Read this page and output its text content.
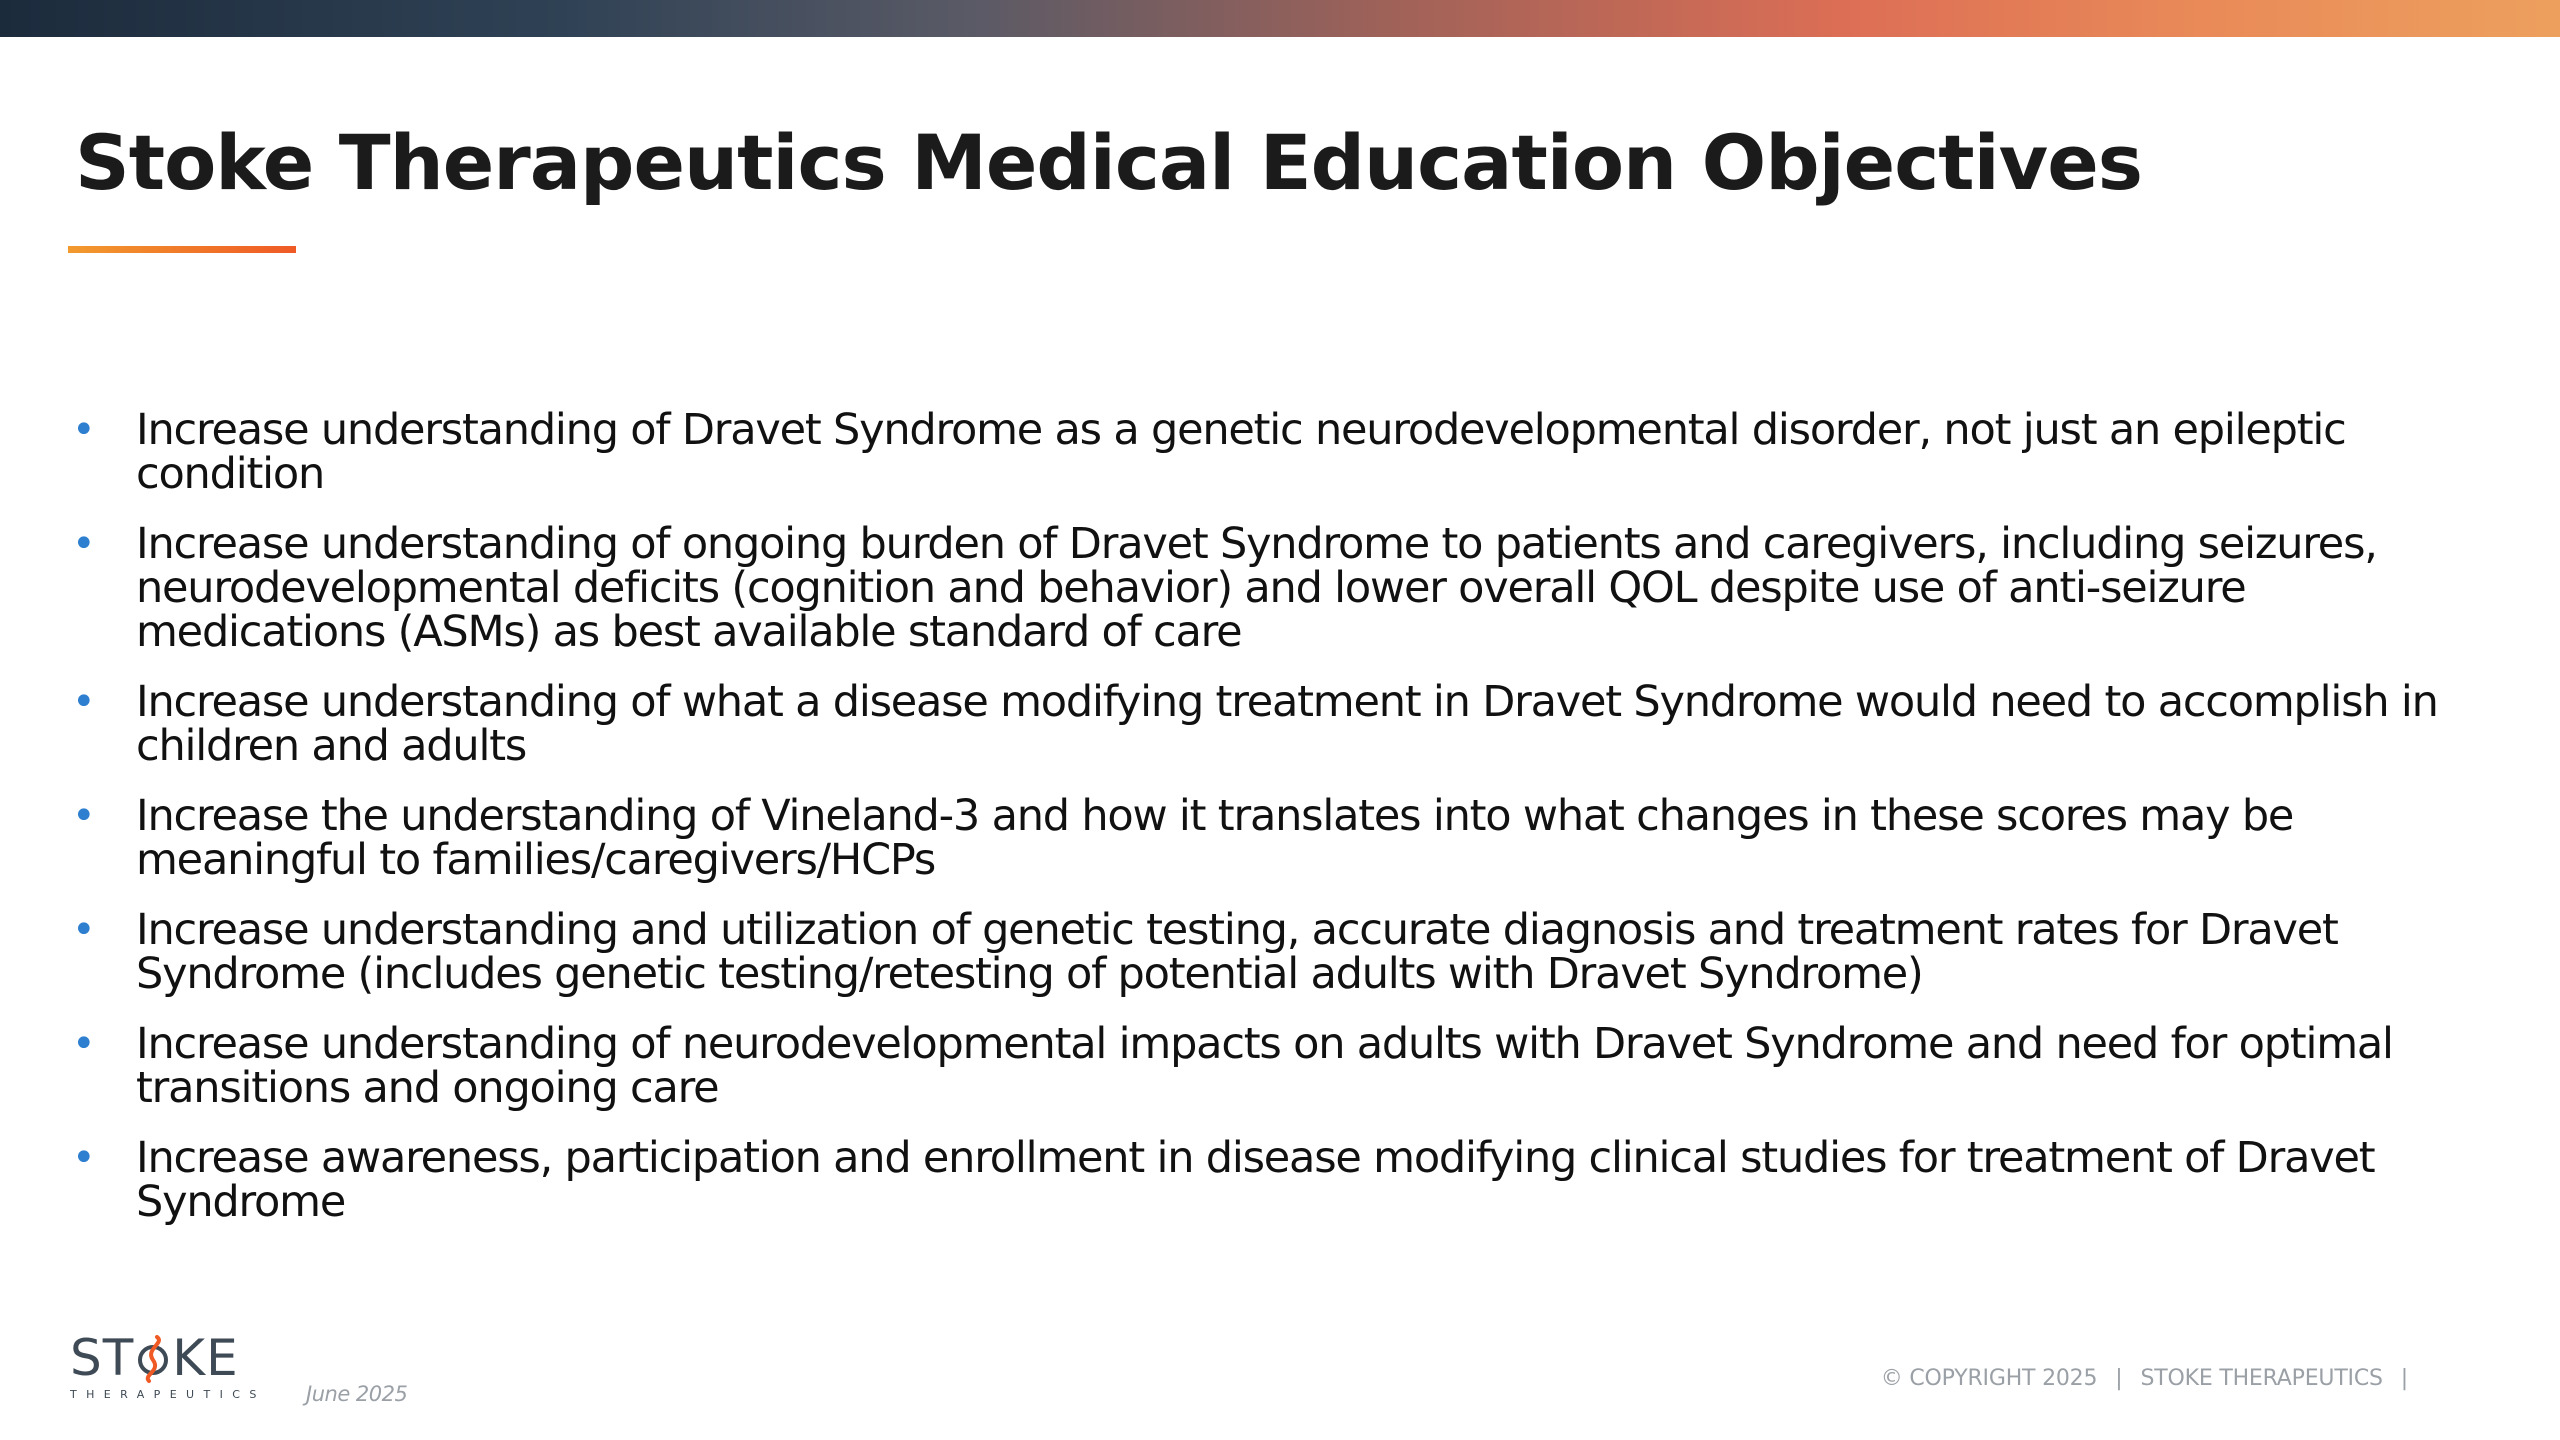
Stoke Therapeutics Medical Education Objectives
• Increase understanding of Dravet Syndrome as a genetic neurodevelopmental disorder, not just an epileptic condition
• Increase understanding of ongoing burden of Dravet Syndrome to patients and caregivers, including seizures, neurodevelopmental deficits (cognition and behavior) and lower overall QOL despite use of anti-seizure medications (ASMs) as best available standard of care
• Increase understanding of what a disease modifying treatment in Dravet Syndrome would need to accomplish in children and adults
• Increase the understanding of Vineland-3 and how it translates into what changes in these scores may be meaningful to families/caregivers/HCPs
• Increase understanding and utilization of genetic testing, accurate diagnosis and treatment rates for Dravet Syndrome (includes genetic testing/retesting of potential adults with Dravet Syndrome)
• Increase understanding of neurodevelopmental impacts on adults with Dravet Syndrome and need for optimal transitions and ongoing care
• Increase awareness, participation and enrollment in disease modifying clinical studies for treatment of Dravet Syndrome
ST KE
THERAPEUTICS June 2025
© COPYRIGHT 2025 | STOKE THERAPEUTICS |
